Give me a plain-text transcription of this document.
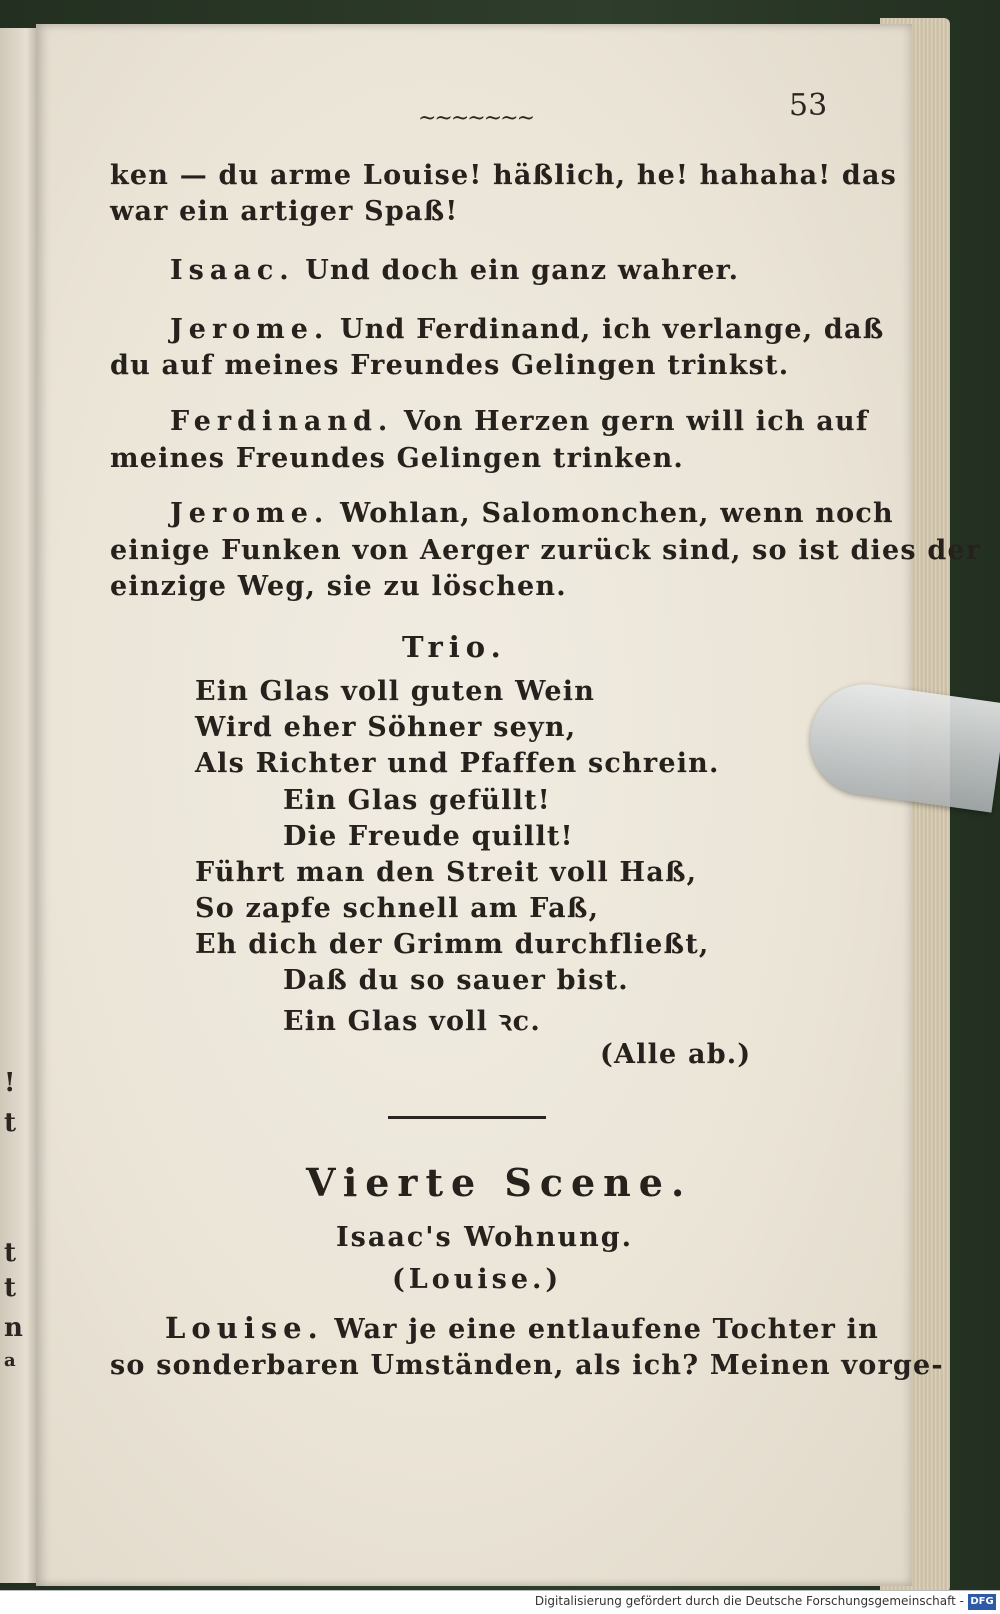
!
t
t
t
n
a
~~~~~~~	53
ken — du arme Louise! häßlich, he! hahaha! das
war ein artiger Spaß!
Isaac. Und doch ein ganz wahrer.
Jerome. Und Ferdinand, ich verlange, daß
du auf meines Freundes Gelingen trinkst.
Ferdinand. Von Herzen gern will ich auf
meines Freundes Gelingen trinken.
Jerome. Wohlan, Salomonchen, wenn noch
einige Funken von Aerger zurück sind, so ist dies der
einzige Weg, sie zu löschen.
Trio.
Ein Glas voll guten Wein
Wird eher Söhner seyn,
Als Richter und Pfaffen schrein.
Ein Glas gefüllt!
Die Freude quillt!
Führt man den Streit voll Haß,
So zapfe schnell am Faß,
Eh dich der Grimm durchfließt,
Daß du so sauer bist.
Ein Glas voll ꝛc.
(Alle ab.)
Vierte Scene.
Isaac's Wohnung.
(Louise.)
Louise. War je eine entlaufene Tochter in
so sonderbaren Umständen, als ich? Meinen vorge-
Digitalisierung gefördert durch die Deutsche Forschungsgemeinschaft - DFG
